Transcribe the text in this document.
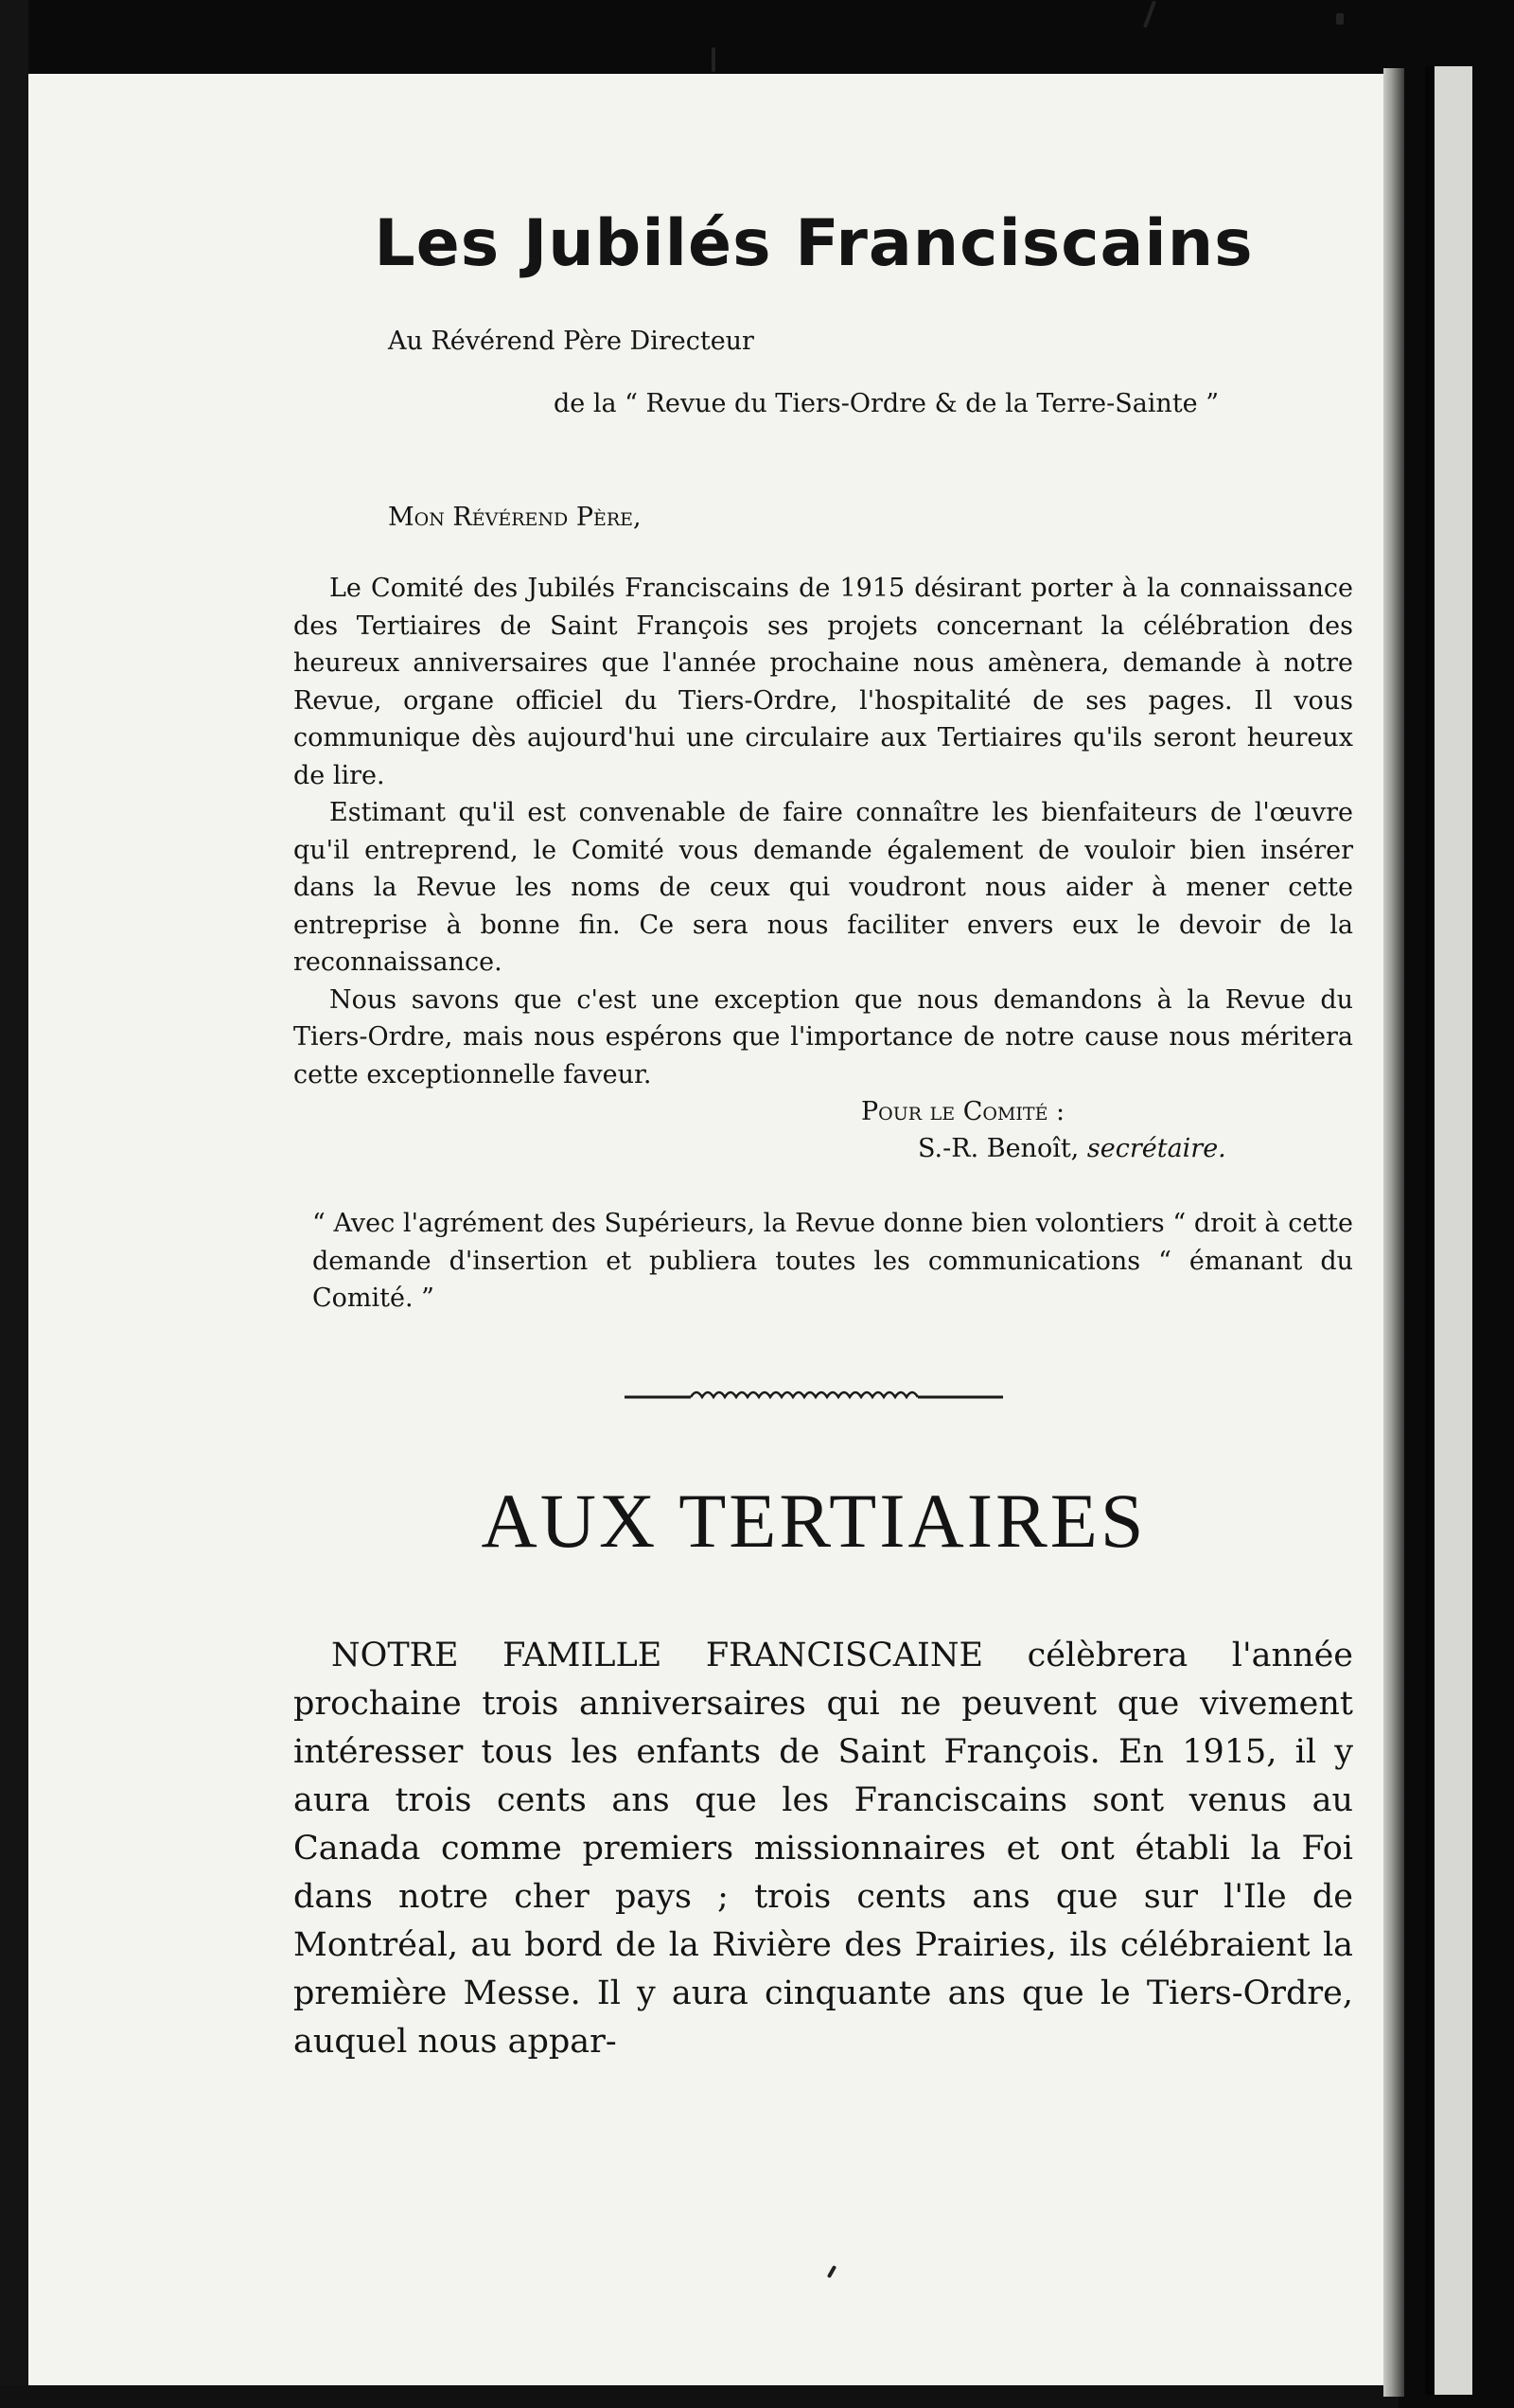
Les Jubilés Franciscains
Au Révérend Père Directeur
de la “ Revue du Tiers-Ordre & de la Terre-Sainte ”
Mon Révérend Père,

Le Comité des Jubilés Franciscains de 1915 désirant porter à la connaissance des Tertiaires de Saint François ses projets concernant la célébration des heureux anniversaires que l'année prochaine nous amènera, demande à notre Revue, organe officiel du Tiers-Ordre, l'hospitalité de ses pages. Il vous communique dès aujourd'hui une circulaire aux Tertiaires qu'ils seront heureux de lire.

Estimant qu'il est convenable de faire connaître les bienfaiteurs de l'œuvre qu'il entreprend, le Comité vous demande également de vouloir bien insérer dans la Revue les noms de ceux qui voudront nous aider à mener cette entreprise à bonne fin. Ce sera nous faciliter envers eux le devoir de la reconnaissance.

Nous savons que c'est une exception que nous demandons à la Revue du Tiers-Ordre, mais nous espérons que l'importance de notre cause nous méritera cette exceptionnelle faveur.

Pour le Comité :
S.-R. Benoît, secrétaire.

“ Avec l'agrément des Supérieurs, la Revue donne bien volontiers “ droit à cette demande d'insertion et publiera toutes les communications “ émanant du Comité. ”

AUX TERTIAIRES

NOTRE FAMILLE FRANCISCAINE célèbrera l'année prochaine trois anniversaires qui ne peuvent que vivement intéresser tous les enfants de Saint François. En 1915, il y aura trois cents ans que les Franciscains sont venus au Canada comme premiers missionnaires et ont établi la Foi dans notre cher pays ; trois cents ans que sur l'Ile de Montréal, au bord de la Rivière des Prairies, ils célébraient la première Messe. Il y aura cinquante ans que le Tiers-Ordre, auquel nous appar-
